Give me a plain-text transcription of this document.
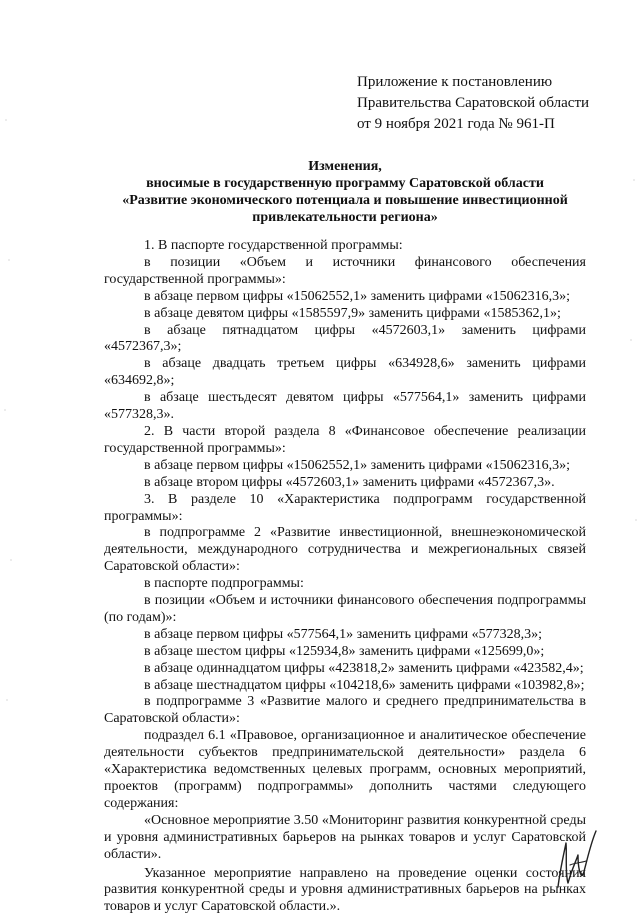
Приложение к постановлению
Правительства Саратовской области
от 9 ноября 2021 года № 961-П
Изменения,
вносимые в государственную программу Саратовской области
«Развитие экономического потенциала и повышение инвестиционной
привлекательности региона»

1. В паспорте государственной программы:

в позиции «Объем и источники финансового обеспечения государственной программы»:

в абзаце первом цифры «15062552,1» заменить цифрами «15062316,3»;

в абзаце девятом цифры «1585597,9» заменить цифрами «1585362,1»;

в абзаце пятнадцатом цифры «4572603,1» заменить цифрами «4572367,3»;

в абзаце двадцать третьем цифры «634928,6» заменить цифрами «634692,8»;

в абзаце шестьдесят девятом цифры «577564,1» заменить цифрами «577328,3».

2. В части второй раздела 8 «Финансовое обеспечение реализации государственной программы»:

в абзаце первом цифры «15062552,1» заменить цифрами «15062316,3»;

в абзаце втором цифры «4572603,1» заменить цифрами «4572367,3».

3. В разделе 10 «Характеристика подпрограмм государственной программы»:

в подпрограмме 2 «Развитие инвестиционной, внешнеэкономической деятельности, международного сотрудничества и межрегиональных связей Саратовской области»:

в паспорте подпрограммы:

в позиции «Объем и источники финансового обеспечения подпрограммы (по годам)»:

в абзаце первом цифры «577564,1» заменить цифрами «577328,3»;

в абзаце шестом цифры «125934,8» заменить цифрами «125699,0»;

в абзаце одиннадцатом цифры «423818,2» заменить цифрами «423582,4»;

в абзаце шестнадцатом цифры «104218,6» заменить цифрами «103982,8»;

в подпрограмме 3 «Развитие малого и среднего предпринимательства в Саратовской области»:

подраздел 6.1 «Правовое, организационное и аналитическое обеспечение деятельности субъектов предпринимательской деятельности» раздела 6 «Характеристика ведомственных целевых программ, основных мероприятий, проектов (программ) подпрограммы» дополнить частями следующего содержания:

«Основное мероприятие 3.50 «Мониторинг развития конкурентной среды и уровня административных барьеров на рынках товаров и услуг Саратовской области».

Указанное мероприятие направлено на проведение оценки состояния развития конкурентной среды и уровня административных барьеров на рынках товаров и услуг Саратовской области.».
